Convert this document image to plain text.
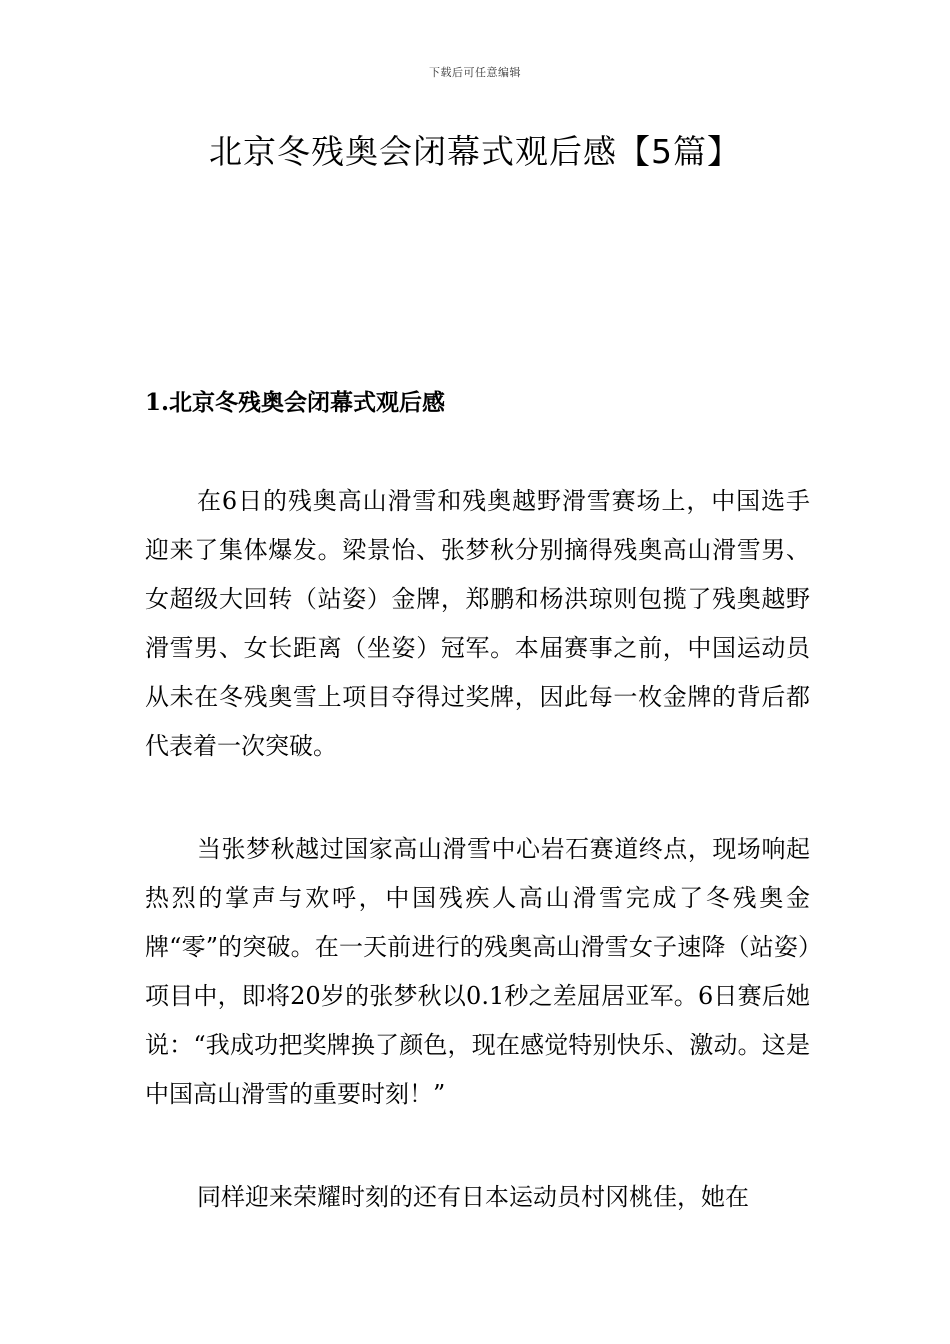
下载后可任意编辑
北京冬残奥会闭幕式观后感【5篇】
1.北京冬残奥会闭幕式观后感

在6日的残奥高山滑雪和残奥越野滑雪赛场上，中国选手迎来了集体爆发。梁景怡、张梦秋分别摘得残奥高山滑雪男、女超级大回转（站姿）金牌，郑鹏和杨洪琼则包揽了残奥越野滑雪男、女长距离（坐姿）冠军。本届赛事之前，中国运动员从未在冬残奥雪上项目夺得过奖牌，因此每一枚金牌的背后都代表着一次突破。

当张梦秋越过国家高山滑雪中心岩石赛道终点，现场响起热烈的掌声与欢呼，中国残疾人高山滑雪完成了冬残奥金牌“零”的突破。在一天前进行的残奥高山滑雪女子速降（站姿）项目中，即将20岁的张梦秋以0.1秒之差屈居亚军。6日赛后她说：“我成功把奖牌换了颜色，现在感觉特别快乐、激动。这是中国高山滑雪的重要时刻！”

同样迎来荣耀时刻的还有日本运动员村冈桃佳，她在
